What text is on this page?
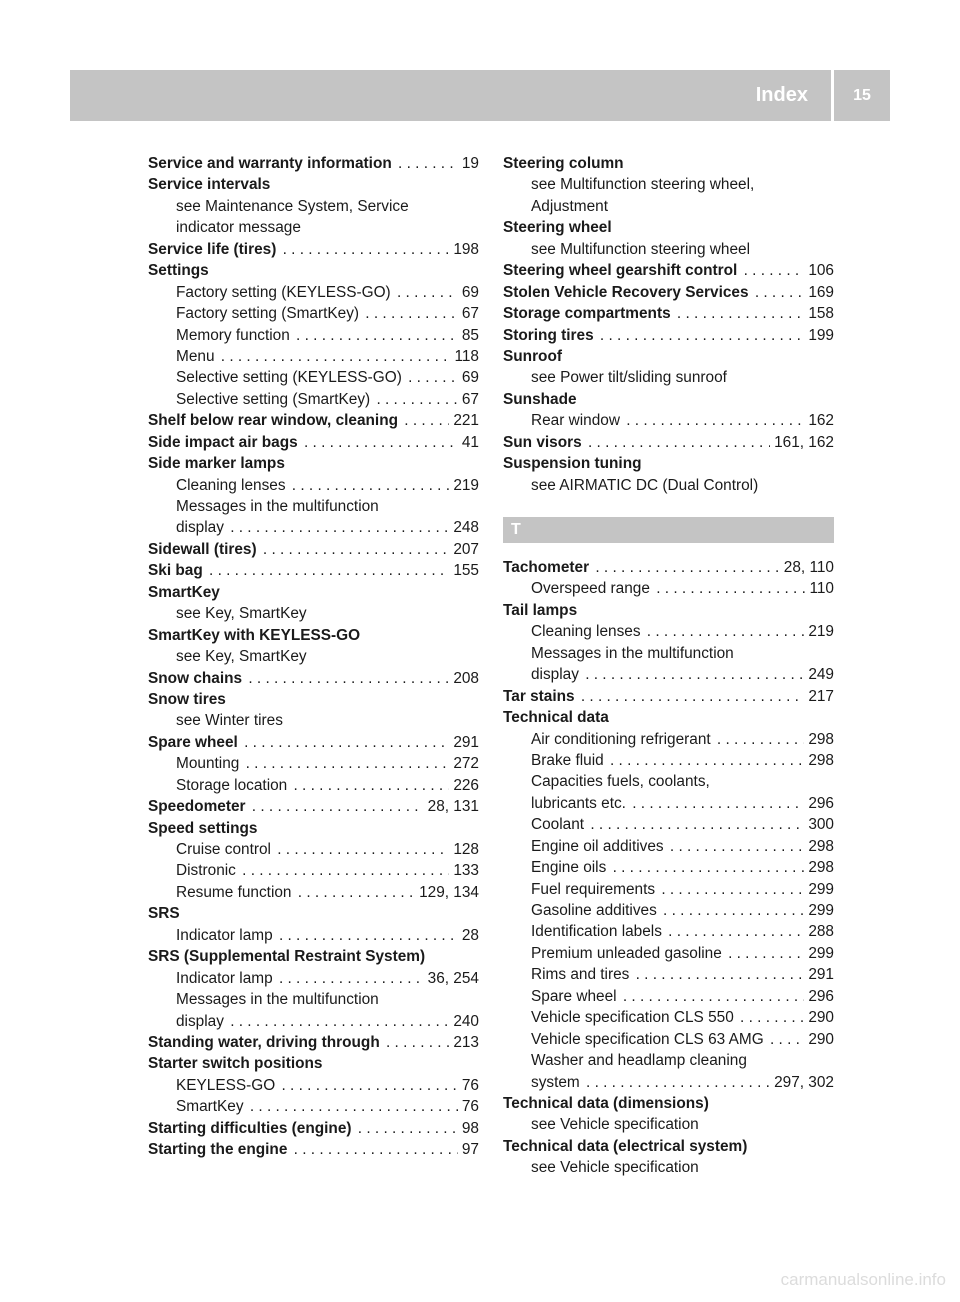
Index	15
Service and warranty information	19
. . .
Service intervals
see Maintenance System, Service
indicator message
Service life (tires)	198
. . .
Settings
Factory setting (KEYLESS-GO)	69
. . .
Factory setting (SmartKey)	67
. . .
Memory function	85
. . .
Menu	118
. . .
Selective setting (KEYLESS-GO)	69
. . .
Selective setting (SmartKey)	67
. . .
Shelf below rear window, cleaning	221
. . .
Side impact air bags	41
. . .
Side marker lamps
Cleaning lenses	219
. . .
Messages in the multifunction
display	248
. . .
Sidewall (tires)	207
. . .
Ski bag	155
. . .
SmartKey
see Key, SmartKey
SmartKey with KEYLESS-GO
see Key, SmartKey
Snow chains	208
. . .
Snow tires
see Winter tires
Spare wheel	291
. . .
Mounting	272
. . .
Storage location	226
. . .
Speedometer	28, 131
. . .
Speed settings
Cruise control	128
. . .
Distronic	133
. . .
Resume function	129, 134
. . .
SRS
Indicator lamp	28
. . .
SRS (Supplemental Restraint System)
Indicator lamp	36, 254
. . .
Messages in the multifunction
display	240
. . .
Standing water, driving through	213
. . .
Starter switch positions
KEYLESS-GO	76
. . .
SmartKey	76
. . .
Starting difficulties (engine)	98
. . .
Starting the engine	97
. . .
Steering column
see Multifunction steering wheel,
Adjustment
Steering wheel
see Multifunction steering wheel
Steering wheel gearshift control	106
. . .
Stolen Vehicle Recovery Services	169
. . .
Storage compartments	158
. . .
Storing tires	199
. . .
Sunroof
see Power tilt/sliding sunroof
Sunshade
Rear window	162
. . .
Sun visors	161, 162
. . .
Suspension tuning
see AIRMATIC DC (Dual Control)
T
Tachometer	28, 110
. . .
Overspeed range	110
. . .
Tail lamps
Cleaning lenses	219
. . .
Messages in the multifunction
display	249
. . .
Tar stains	217
. . .
Technical data
Air conditioning refrigerant	298
. . .
Brake fluid	298
. . .
Capacities fuels, coolants,
lubricants etc.	296
. . .
Coolant	300
. . .
Engine oil additives	298
. . .
Engine oils	298
. . .
Fuel requirements	299
. . .
Gasoline additives	299
. . .
Identification labels	288
. . .
Premium unleaded gasoline	299
. . .
Rims and tires	291
. . .
Spare wheel	296
. . .
Vehicle specification CLS 550	290
. . .
Vehicle specification CLS 63 AMG	290
. . .
Washer and headlamp cleaning
system	297, 302
. . .
Technical data (dimensions)
see Vehicle specification
Technical data (electrical system)
see Vehicle specification
carmanualsonline.info
